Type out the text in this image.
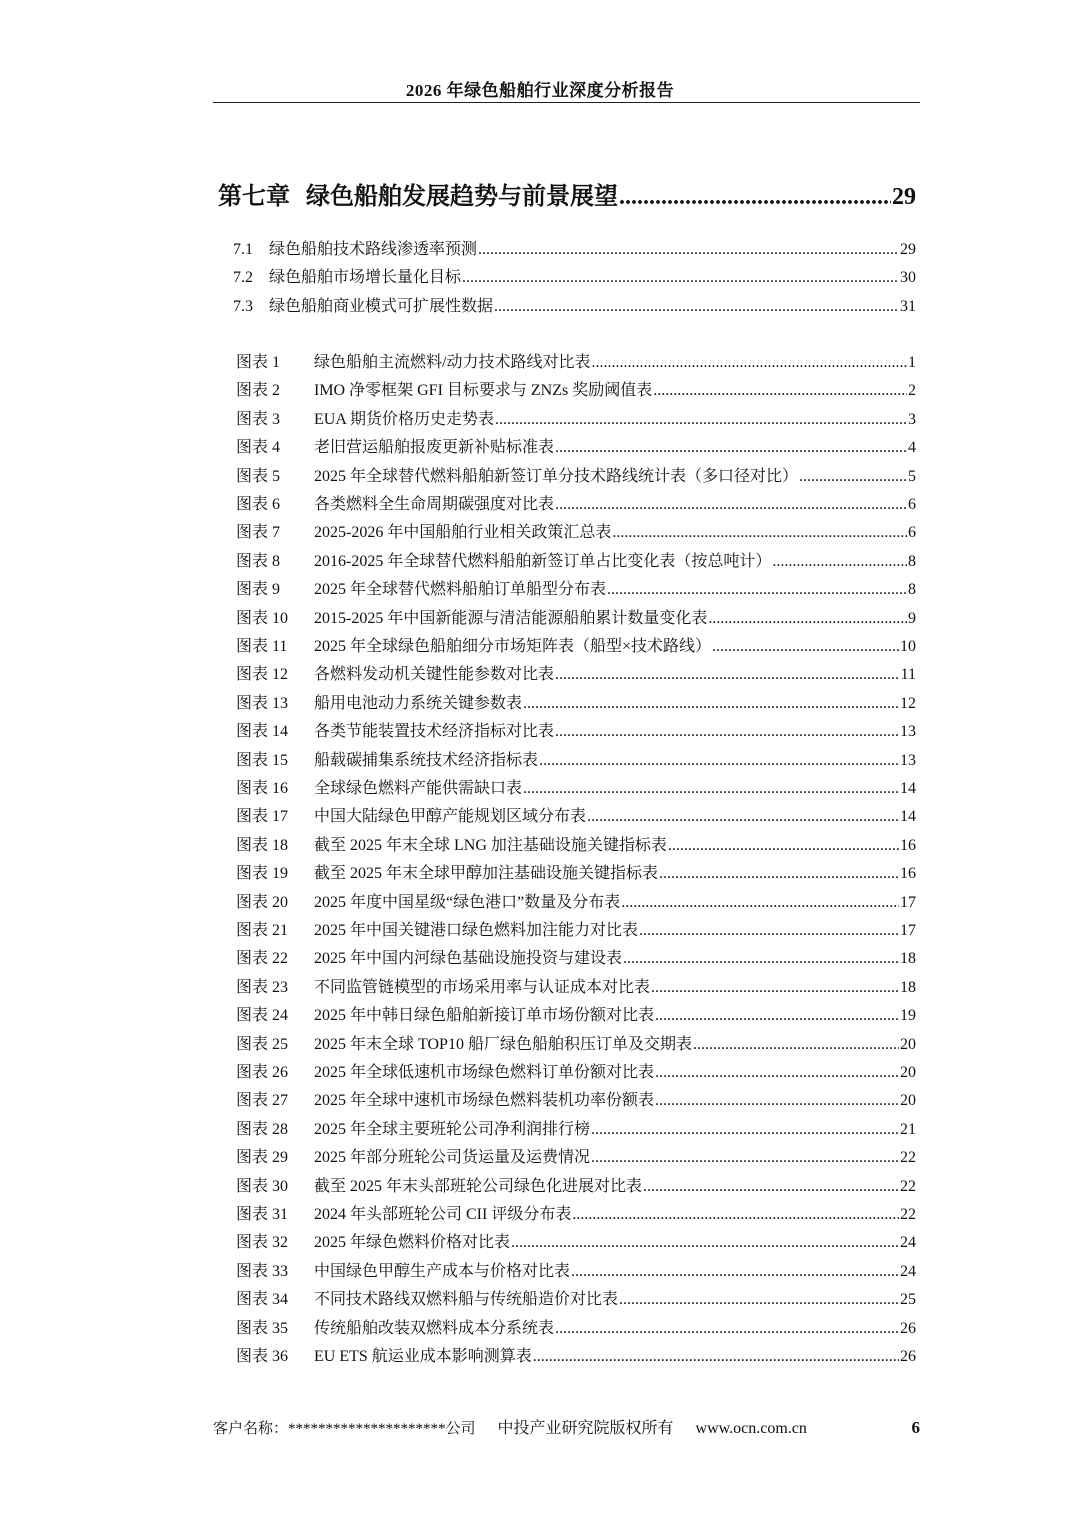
2026 年绿色船舶行业深度分析报告
第七章 绿色船舶发展趋势与前景展望 .....	29
7.1 绿色船舶技术路线渗透率预测 .....	29
7.2 绿色船舶市场增长量化目标 .....	30
7.3 绿色船舶商业模式可扩展性数据 .....	31
图表 1 绿色船舶主流燃料/动力技术路线对比表 .....	1
图表 2 IMO 净零框架 GFI 目标要求与 ZNZs 奖励阈值表 .....	2
图表 3 EUA 期货价格历史走势表 .....	3
图表 4 老旧营运船舶报废更新补贴标准表 .....	4
图表 5 2025 年全球替代燃料船舶新签订单分技术路线统计表（多口径对比） .....	5
图表 6 各类燃料全生命周期碳强度对比表 .....	6
图表 7 2025-2026 年中国船舶行业相关政策汇总表 .....	6
图表 8 2016-2025 年全球替代燃料船舶新签订单占比变化表（按总吨计） .....	8
图表 9 2025 年全球替代燃料船舶订单船型分布表 .....	8
图表 10 2015-2025 年中国新能源与清洁能源船舶累计数量变化表 .....	9
图表 11 2025 年全球绿色船舶细分市场矩阵表（船型×技术路线） .....	10
图表 12 各燃料发动机关键性能参数对比表 .....	11
图表 13 船用电池动力系统关键参数表 .....	12
图表 14 各类节能装置技术经济指标对比表 .....	13
图表 15 船载碳捕集系统技术经济指标表 .....	13
图表 16 全球绿色燃料产能供需缺口表 .....	14
图表 17 中国大陆绿色甲醇产能规划区域分布表 .....	14
图表 18 截至 2025 年末全球 LNG 加注基础设施关键指标表 .....	16
图表 19 截至 2025 年末全球甲醇加注基础设施关键指标表 .....	16
图表 20 2025 年度中国星级“绿色港口”数量及分布表 .....	17
图表 21 2025 年中国关键港口绿色燃料加注能力对比表 .....	17
图表 22 2025 年中国内河绿色基础设施投资与建设表 .....	18
图表 23 不同监管链模型的市场采用率与认证成本对比表 .....	18
图表 24 2025 年中韩日绿色船舶新接订单市场份额对比表 .....	19
图表 25 2025 年末全球 TOP10 船厂绿色船舶积压订单及交期表 .....	20
图表 26 2025 年全球低速机市场绿色燃料订单份额对比表 .....	20
图表 27 2025 年全球中速机市场绿色燃料装机功率份额表 .....	20
图表 28 2025 年全球主要班轮公司净利润排行榜 .....	21
图表 29 2025 年部分班轮公司货运量及运费情况 .....	22
图表 30 截至 2025 年末头部班轮公司绿色化进展对比表 .....	22
图表 31 2024 年头部班轮公司 CII 评级分布表 .....	22
图表 32 2025 年绿色燃料价格对比表 .....	24
图表 33 中国绿色甲醇生产成本与价格对比表 .....	24
图表 34 不同技术路线双燃料船与传统船造价对比表 .....	25
图表 35 传统船舶改装双燃料成本分系统表 .....	26
图表 36 EU ETS 航运业成本影响测算表 .....	26
客户名称：*********************公司 中投产业研究院版权所有 www.ocn.com.cn	6
